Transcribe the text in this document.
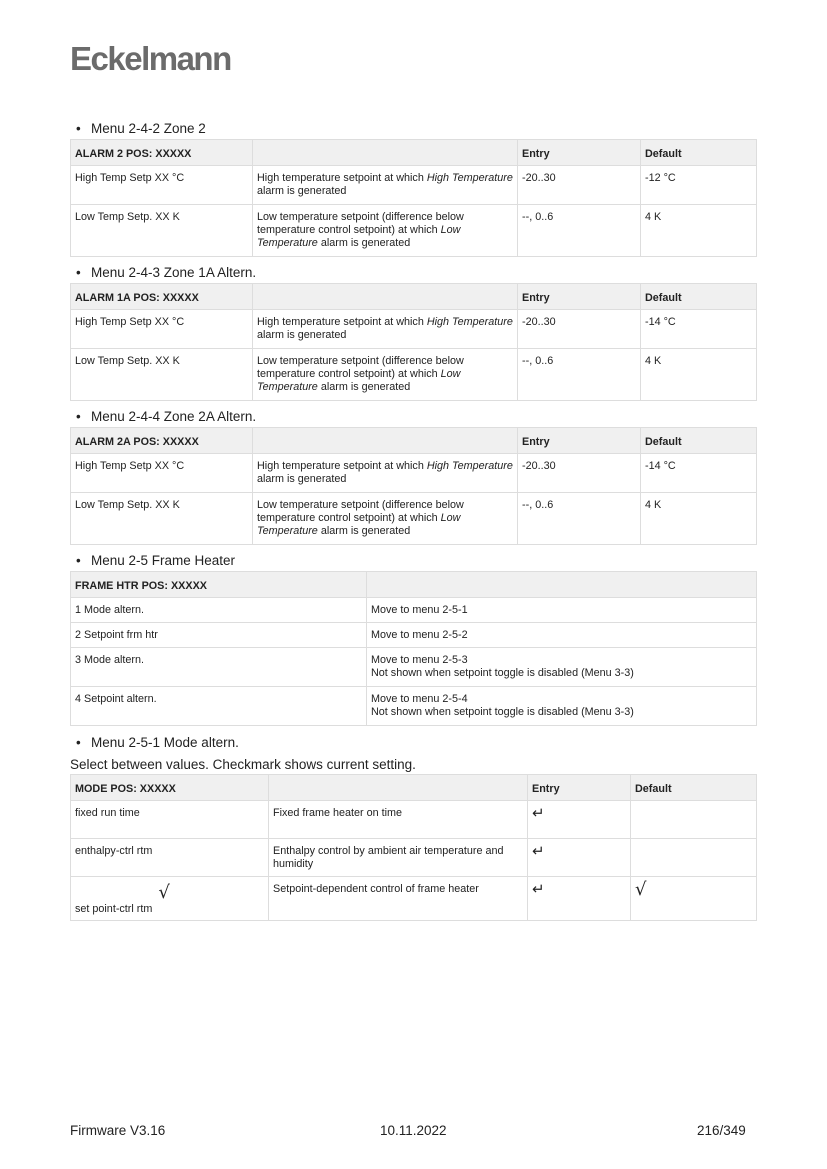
Eckelmann
• Menu 2-4-2 Zone 2
ALARM 2 POS: XXXXX		Entry	Default
High Temp Setp XX °C	High temperature setpoint at which High Temperature alarm is generated	-20..30	-12 °C
Low Temp Setp. XX K	Low temperature setpoint (difference below temperature control setpoint) at which Low Temperature alarm is generated	--, 0..6	4 K
• Menu 2-4-3 Zone 1A Altern.
ALARM 1A POS: XXXXX		Entry	Default
High Temp Setp XX °C	High temperature setpoint at which High Temperature alarm is generated	-20..30	-14 °C
Low Temp Setp. XX K	Low temperature setpoint (difference below temperature control setpoint) at which Low Temperature alarm is generated	--, 0..6	4 K
• Menu 2-4-4 Zone 2A Altern.
ALARM 2A POS: XXXXX		Entry	Default
High Temp Setp XX °C	High temperature setpoint at which High Temperature alarm is generated	-20..30	-14 °C
Low Temp Setp. XX K	Low temperature setpoint (difference below temperature control setpoint) at which Low Temperature alarm is generated	--, 0..6	4 K
• Menu 2-5 Frame Heater
FRAME HTR POS: XXXXX	
1 Mode altern.	Move to menu 2-5-1

2 Setpoint frm htr	Move to menu 2-5-2

3 Mode altern.	Move to menu 2-5-3
Not shown when setpoint toggle is disabled (Menu 3-3)

4 Setpoint altern.	Move to menu 2-5-4
Not shown when setpoint toggle is disabled (Menu 3-3)
• Menu 2-5-1 Mode altern.
Select between values. Checkmark shows current setting.
MODE POS: XXXXX		Entry	Default
fixed run time	Fixed frame heater on time	↵	
enthalpy-ctrl rtm	Enthalpy control by ambient air temperature and humidity	↵	
set point-ctrl rtm√	Setpoint-dependent control of frame heater	↵	√
Firmware V3.16	10.11.2022	216/349
